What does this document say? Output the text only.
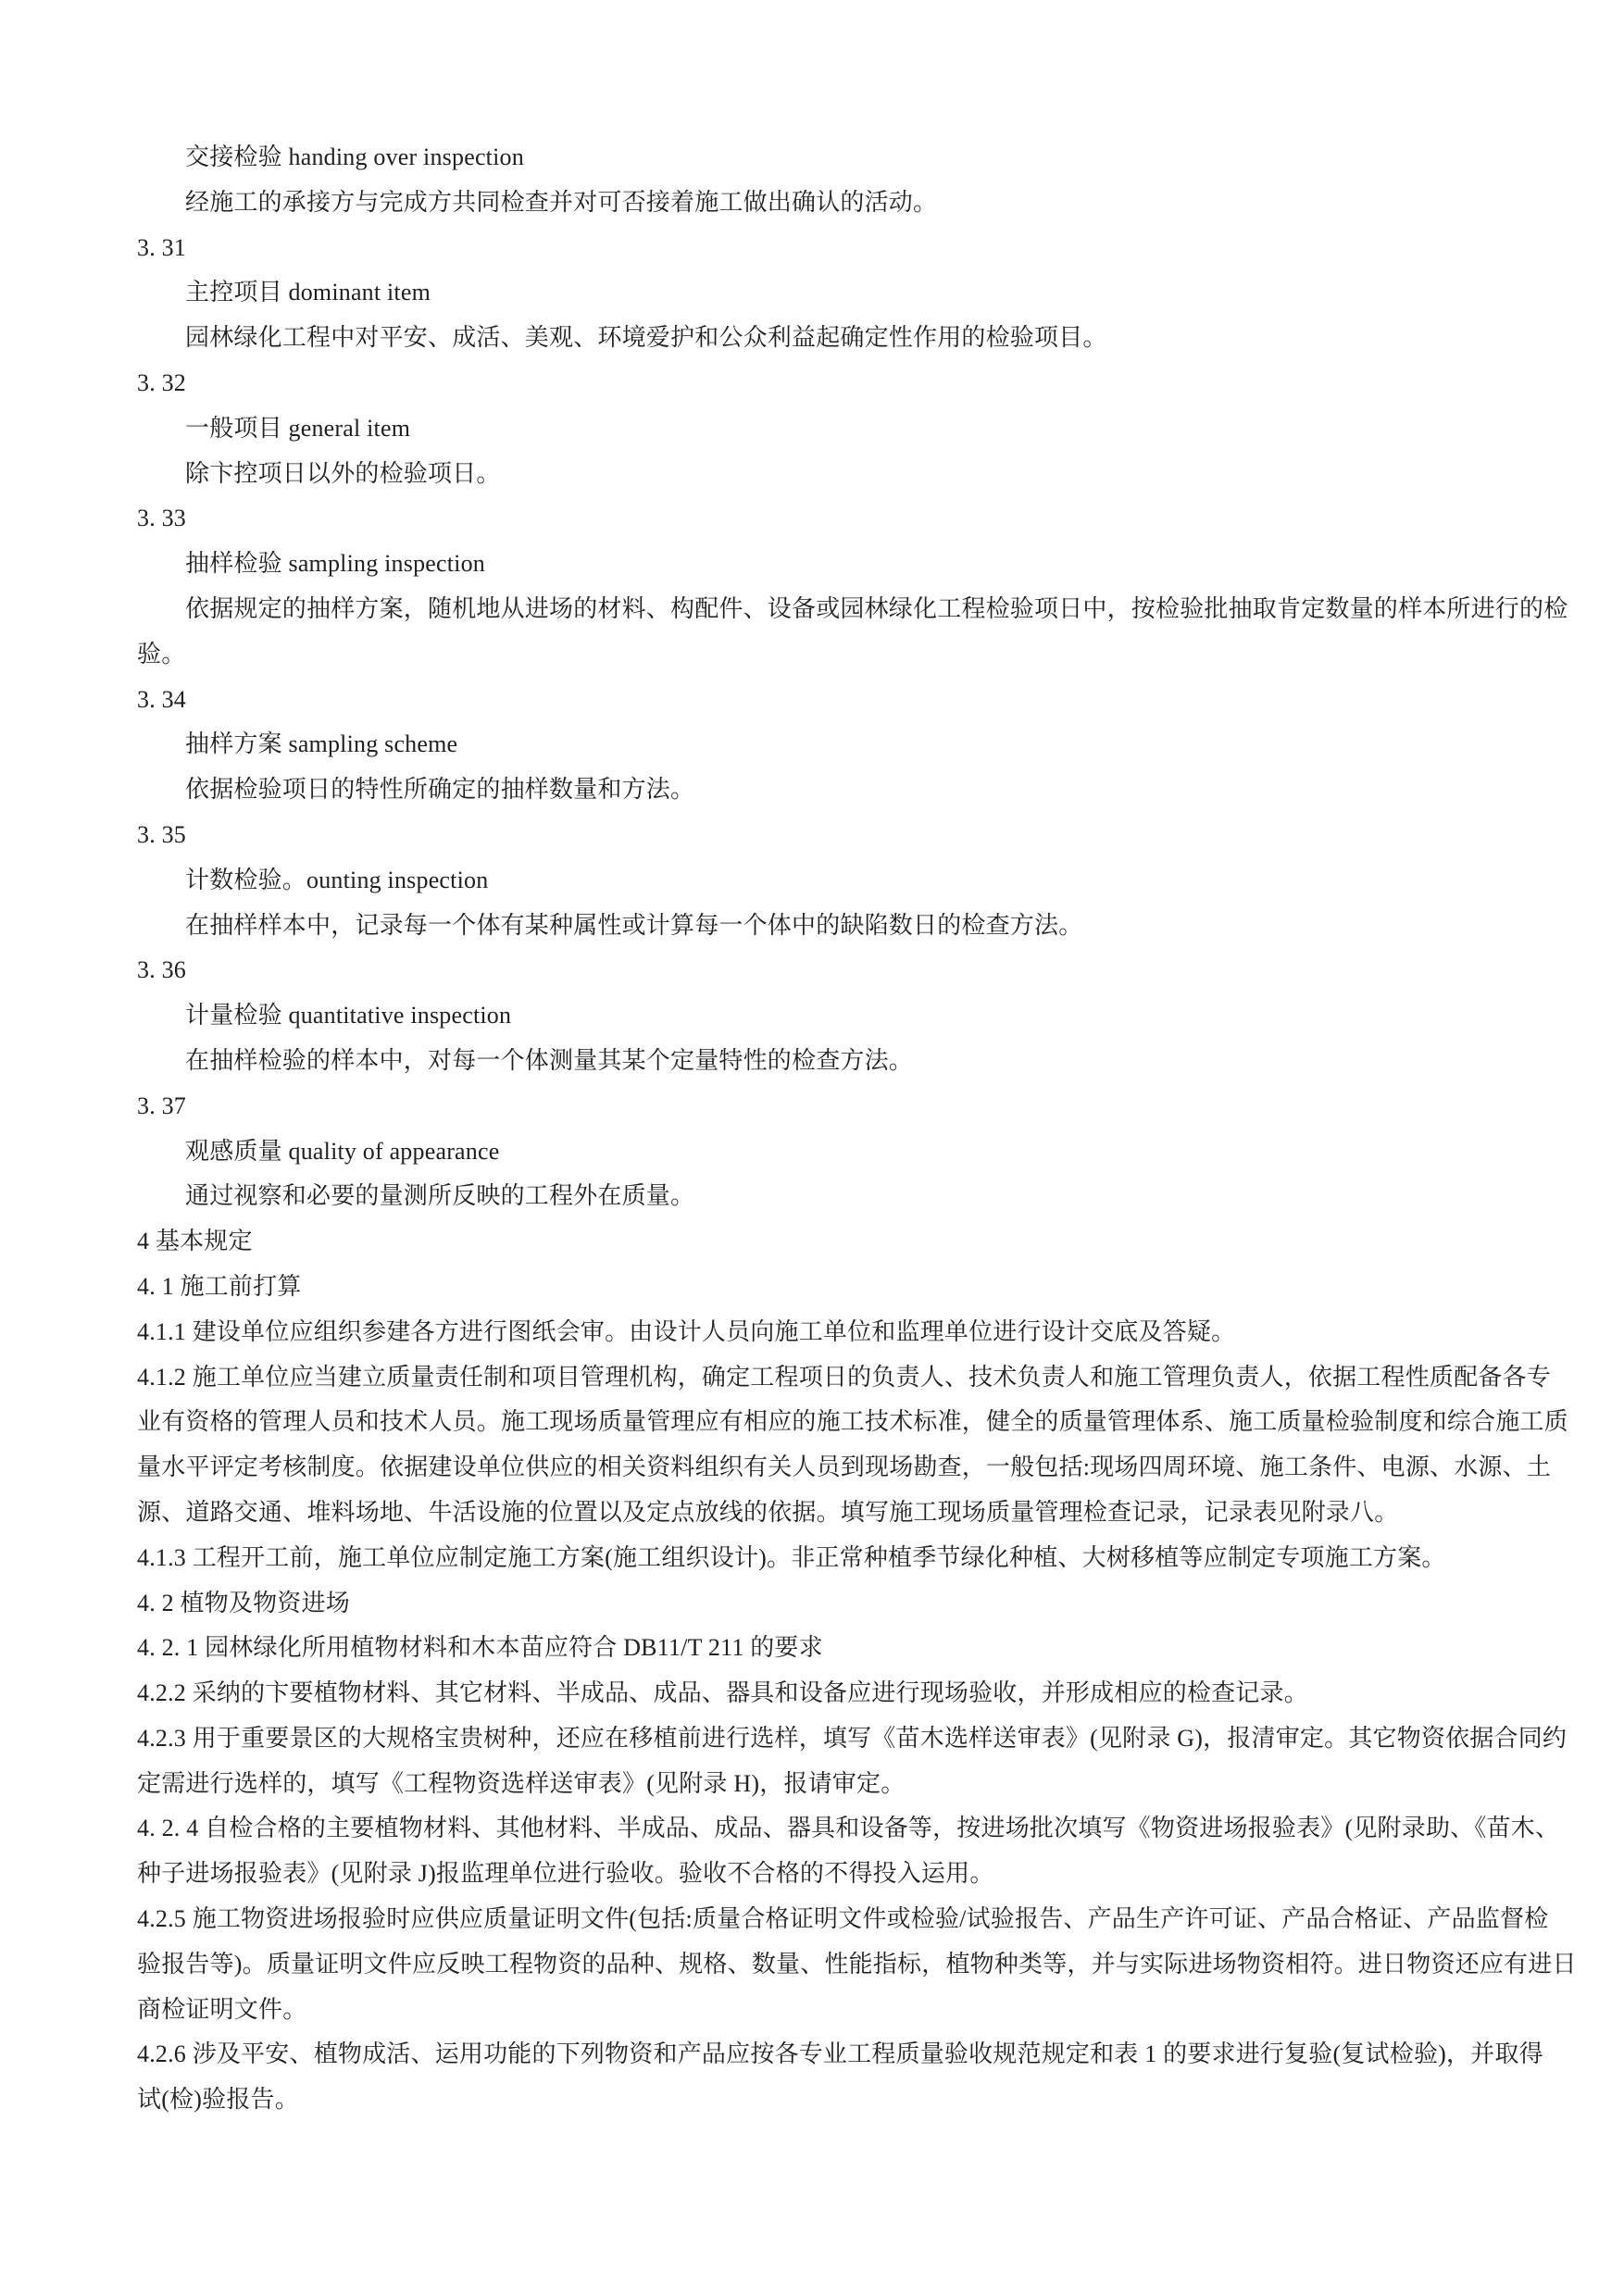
交接检验 handing over inspection

经施工的承接方与完成方共同检查并对可否接着施工做出确认的活动。

3. 31

主控项目 dominant item

园林绿化工程中对平安、成活、美观、环境爱护和公众利益起确定性作用的检验项目。

3. 32

一般项目 general item

除卞控项日以外的检验项日。

3. 33

抽样检验 sampling inspection

依据规定的抽样方案，随机地从进场的材料、构配件、设备或园林绿化工程检验项日中，按检验批抽取肯定数量的样本所进行的检

验。

3. 34

抽样方案 sampling scheme

依据检验项日的特性所确定的抽样数量和方法。

3. 35

计数检验。ounting inspection

在抽样样本中，记录每一个体有某种属性或计算每一个体中的缺陷数日的检查方法。

3. 36

计量检验 quantitative inspection

在抽样检验的样本中，对每一个体测量其某个定量特性的检查方法。

3. 37

观感质量 quality of appearance

通过视察和必要的量测所反映的工程外在质量。

4 基本规定

4. 1 施工前打算

4.1.1 建设单位应组织参建各方进行图纸会审。由设计人员向施工单位和监理单位进行设计交底及答疑。

4.1.2 施工单位应当建立质量责任制和项目管理机构，确定工程项日的负责人、技术负责人和施工管理负责人，依据工程性质配备各专

业有资格的管理人员和技术人员。施工现场质量管理应有相应的施工技术标准，健全的质量管理体系、施工质量检验制度和综合施工质

量水平评定考核制度。依据建设单位供应的相关资料组织有关人员到现场勘查，一般包括:现场四周环境、施工条件、电源、水源、土

源、道路交通、堆料场地、牛活设施的位置以及定点放线的依据。填写施工现场质量管理检查记录，记录表见附录八。

4.1.3 工程开工前，施工单位应制定施工方案(施工组织设计)。非正常种植季节绿化种植、大树移植等应制定专项施工方案。

4. 2 植物及物资进场

4. 2. 1 园林绿化所用植物材料和木本苗应符合 DB11/T 211 的要求

4.2.2 采纳的卞要植物材料、其它材料、半成品、成品、器具和设备应进行现场验收，并形成相应的检查记录。

4.2.3 用于重要景区的大规格宝贵树种，还应在移植前进行选样，填写《苗木选样送审表》(见附录 G)，报清审定。其它物资依据合同约

定需进行选样的，填写《工程物资选样送审表》(见附录 H)，报请审定。

4. 2. 4 自检合格的主要植物材料、其他材料、半成品、成品、器具和设备等，按进场批次填写《物资进场报验表》(见附录助、《苗木、

种子进场报验表》(见附录 J)报监理单位进行验收。验收不合格的不得投入运用。

4.2.5 施工物资进场报验时应供应质量证明文件(包括:质量合格证明文件或检验/试验报告、产品生产许可证、产品合格证、产品监督检

验报告等)。质量证明文件应反映工程物资的品种、规格、数量、性能指标，植物种类等，并与实际进场物资相符。进日物资还应有进日

商检证明文件。

4.2.6 涉及平安、植物成活、运用功能的下列物资和产品应按各专业工程质量验收规范规定和表 1 的要求进行复验(复试检验)，并取得

试(检)验报告。
